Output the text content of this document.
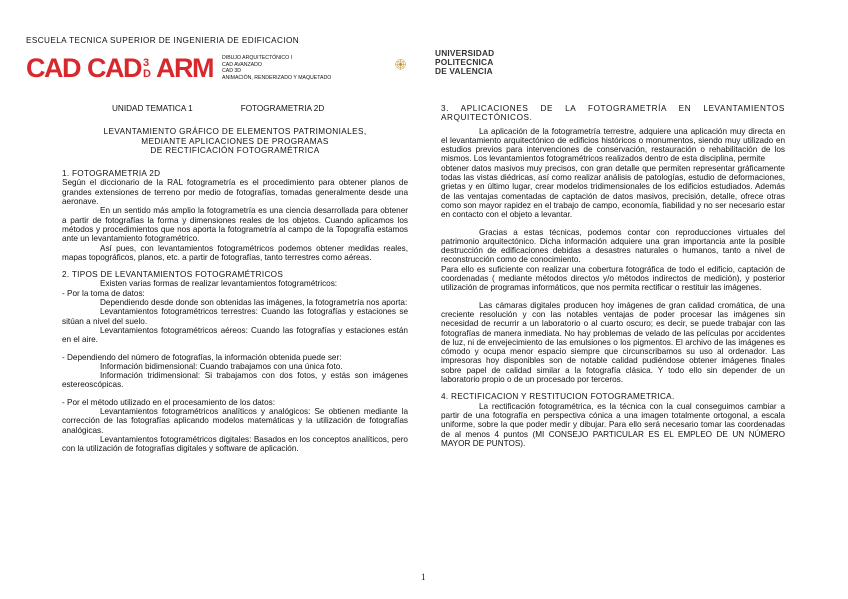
ESCUELA TECNICA SUPERIOR DE INGENIERIA DE EDIFICACION
CAD CAD 3
D ARM DIBUJO ARQUITECTÓNICO I
CAD AVANZADO
CAD 3D
ANIMACIÓN, RENDERIZADO Y MAQUETADO
UNIVERSIDAD
POLITECNICA
DE VALENCIA
UNIDAD TEMATICA 1	FOTOGRAMETRIA 2D
LEVANTAMIENTO GRÁFICO DE ELEMENTOS PATRIMONIALES,
MEDIANTE APLICACIONES DE PROGRAMAS
DE RECTIFICACIÓN FOTOGRAMÉTRICA

1. FOTOGRAMETRIA 2D

Según el diccionario de la RAL fotogrametría es el procedimiento para obtener planos de grandes extensiones de terreno por medio de fotografías, tomadas generalmente desde una aeronave.

En un sentido más amplio la fotogrametría es una ciencia desarrollada para obtener a partir de fotografías la forma y dimensiones reales de los objetos. Cuando aplicamos los métodos y procedimientos que nos aporta la fotogrametría al campo de la Topografía estamos ante un levantamiento fotogramétrico.

Así pues, con levantamientos fotogramétricos podemos obtener medidas reales, mapas topográficos, planos, etc. a partir de fotografías, tanto terrestres como aéreas.

2. TIPOS DE LEVANTAMIENTOS FOTOGRAMÉTRICOS

Existen varias formas de realizar levantamientos fotogramétricos:

- Por la toma de datos:

Dependiendo desde donde son obtenidas las imágenes, la fotogrametría nos aporta:

Levantamientos fotogramétricos terrestres: Cuando las fotografías y estaciones se sitúan a nivel del suelo.

Levantamientos fotogramétricos aéreos: Cuando las fotografías y estaciones están en el aire.

- Dependiendo del número de fotografías, la información obtenida puede ser:

Información bidimensional: Cuando trabajamos con una única foto.

Información tridimensional: Si trabajamos con dos fotos, y estás son imágenes estereoscópicas.

- Por el método utilizado en el procesamiento de los datos:

Levantamientos fotogramétricos analíticos y analógicos: Se obtienen mediante la corrección de las fotografías aplicando modelos matemáticas y la utilización de fotografías analógicas.

Levantamientos fotogramétricos digitales: Basados en los conceptos analíticos, pero con la utilización de fotografías digitales y software de aplicación.

3. APLICACIONES DE LA FOTOGRAMETRÍA EN LEVANTAMIENTOS ARQUITECTÓNICOS.

La aplicación de la fotogrametría terrestre, adquiere una aplicación muy directa en el levantamiento arquitectónico de edificios históricos o monumentos, siendo muy utilizado en estudios previos para intervenciones de conservación, restauración o rehabilitación de los mismos. Los levantamientos fotogramétricos realizados dentro de esta disciplina, permite

obtener datos masivos muy precisos, con gran detalle que permiten representar gráficamente todas las vistas diédricas, así como realizar análisis de patologías, estudio de deformaciones, grietas y en último lugar, crear modelos tridimensionales de los edificios estudiados. Además de las ventajas comentadas de captación de datos masivos, precisión, detalle, ofrece otras como son mayor rapidez en el trabajo de campo, economía, fiabilidad y no ser necesario estar en contacto con el objeto a levantar.

Gracias a estas técnicas, podemos contar con reproducciones virtuales del patrimonio arquitectónico. Dicha información adquiere una gran importancia ante la posible destrucción de edificaciones debidas a desastres naturales o humanos, tanto a nivel de reconstrucción como de conocimiento.

Para ello es suficiente con realizar una cobertura fotográfica de todo el edificio, captación de coordenadas ( mediante métodos directos y/o métodos indirectos de medición), y posterior utilización de programas informáticos, que nos permita rectificar o restituir las imágenes.

Las cámaras digitales producen hoy imágenes de gran calidad cromática, de una creciente resolución y con las notables ventajas de poder procesar las imágenes sin necesidad de recurrir a un laboratorio o al cuarto oscuro; es decir, se puede trabajar con las fotografías de manera inmediata. No hay problemas de velado de las películas por accidentes de luz, ni de envejecimiento de las emulsiones o los pigmentos. El archivo de las imágenes es cómodo y ocupa menor espacio siempre que circunscribamos su uso al ordenador. Las impresoras hoy disponibles son de notable calidad pudiéndose obtener imágenes finales sobre papel de calidad similar a la fotografía clásica. Y todo ello sin depender de un laboratorio propio o de un procesado por terceros.

4. RECTIFICACION Y RESTITUCION FOTOGRAMETRICA.

La rectificación fotogramétrica, es la técnica con la cual conseguimos cambiar a partir de una fotografía en perspectiva cónica a una imagen totalmente ortogonal, a escala uniforme, sobre la que poder medir y dibujar. Para ello será necesario tomar las coordenadas de al menos 4 puntos (MI CONSEJO PARTICULAR ES EL EMPLEO DE UN NÚMERO MAYOR DE PUNTOS).

1
